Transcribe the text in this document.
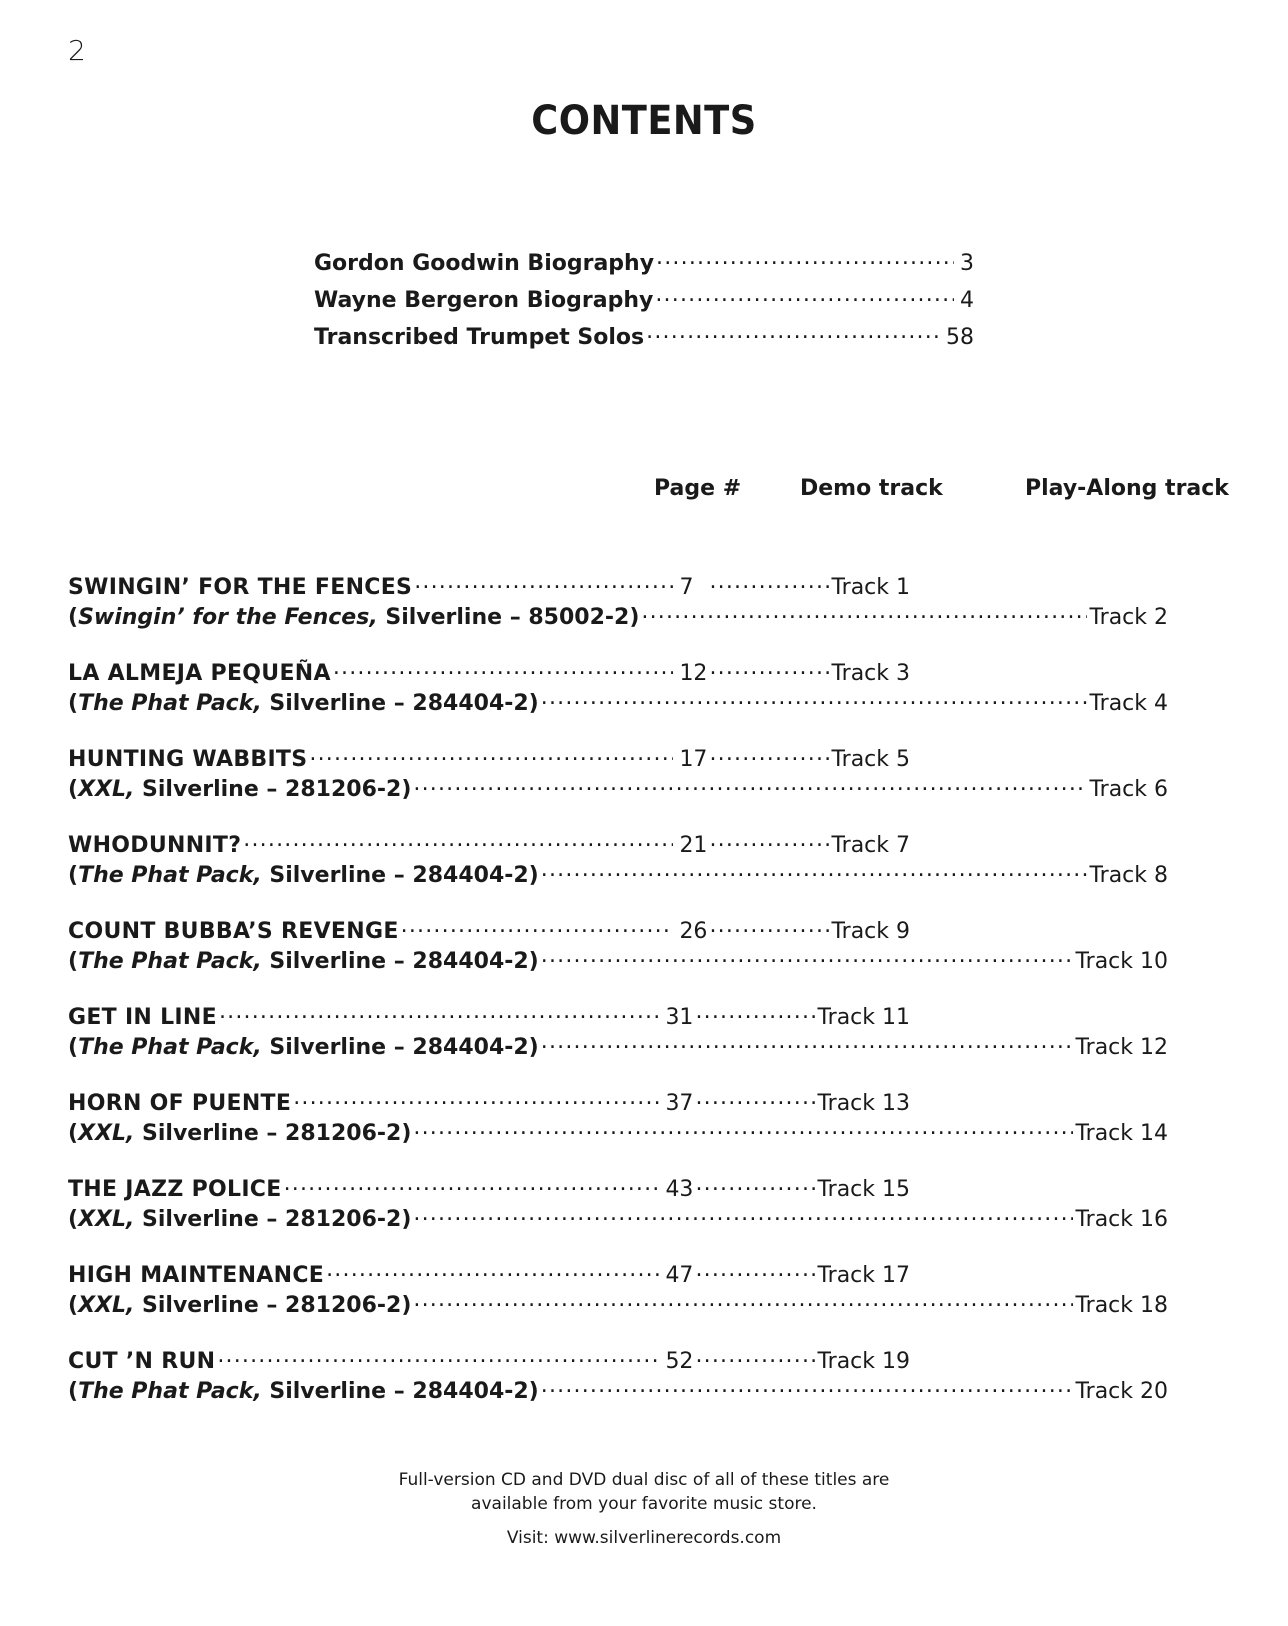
2
CONTENTS
Gordon Goodwin Biography .....	3
Wayne Bergeron Biography .....	4
Transcribed Trumpet Solos .....	58
Page #	Demo track	Play-Along track
SWINGIN’ FOR THE FENCES .....	7 .....	Track 1
(Swingin’ for the Fences, Silverline – 85002-2) .....	Track 2
LA ALMEJA PEQUEÑA .....	12 .....	Track 3
(The Phat Pack, Silverline – 284404-2) .....	Track 4
HUNTING WABBITS .....	17 .....	Track 5
(XXL, Silverline – 281206-2) .....	Track 6
WHODUNNIT? .....	21 .....	Track 7
(The Phat Pack, Silverline – 284404-2) .....	Track 8
COUNT BUBBA’S REVENGE .....	26 .....	Track 9
(The Phat Pack, Silverline – 284404-2) .....	Track 10
GET IN LINE .....	31 .....	Track 11
(The Phat Pack, Silverline – 284404-2) .....	Track 12
HORN OF PUENTE .....	37 .....	Track 13
(XXL, Silverline – 281206-2) .....	Track 14
THE JAZZ POLICE .....	43 .....	Track 15
(XXL, Silverline – 281206-2) .....	Track 16
HIGH MAINTENANCE .....	47 .....	Track 17
(XXL, Silverline – 281206-2) .....	Track 18
CUT ’N RUN .....	52 .....	Track 19
(The Phat Pack, Silverline – 284404-2) .....	Track 20
Full-version CD and DVD dual disc of all of these titles are
available from your favorite music store.
Visit: www.silverlinerecords.com
